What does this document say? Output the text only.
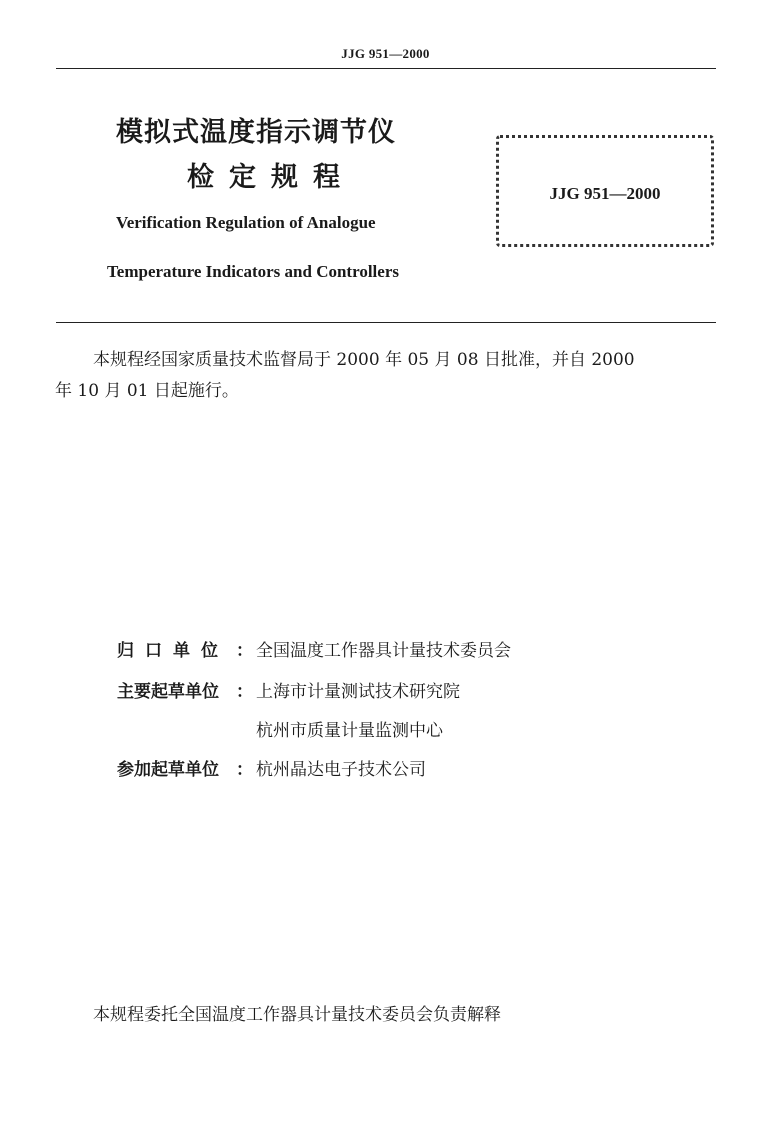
JJG 951—2000
模拟式温度指示调节仪
检定规程
Verification Regulation of Analogue
Temperature Indicators and Controllers
JJG 951—2000
本规程经国家质量技术监督局于 2000 年 05 月 08 日批准，并自 2000
年 10 月 01 日起施行。
归口单位 ： 全国温度工作器具计量技术委员会
主要起草单位 ： 上海市计量测试技术研究院
杭州市质量计量监测中心
参加起草单位 ： 杭州晶达电子技术公司
本规程委托全国温度工作器具计量技术委员会负责解释
